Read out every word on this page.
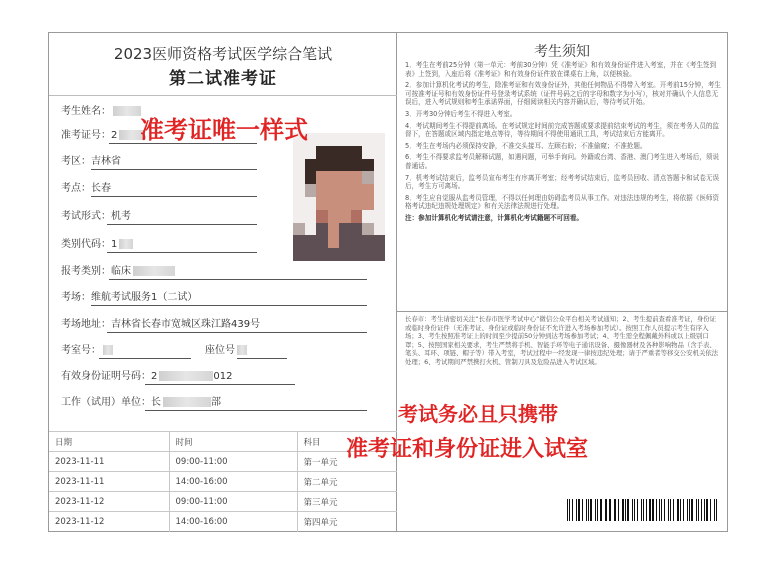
2023医师资格考试医学综合笔试
第二试准考证
考生姓名：
准考证号：2
考区：吉林省
考点：长春
考试形式：机考
类别代码：1
报考类别：临床
考场：维航考试服务1（二试）
考场地址：吉林省长春市宽城区珠江路439号
考室号：	座位号
有效身份证明号码：2	012
工作（试用）单位：长	部
日期	时间	科目
2023-11-11	09:00-11:00	第一单元
2023-11-11	14:00-16:00	第二单元
2023-11-12	09:00-11:00	第三单元
2023-11-12	14:00-16:00	第四单元
考生须知
1．考生在考前25分钟（第一单元：考前30分钟）凭《准考证》和有效身份证件进入考室，并在《考生签到表》上签到，入座后将《准考证》和有效身份证件放在课桌右上角，以便核验。
2．参加计算机化考试的考生，除准考证和有效身份证外，其他任何物品不得带入考室。开考前15分钟，考生可按准考证号和有效身份证件号登录考试系统（证件号码之后的字母和数字为小写），核对并确认个人信息无误后，进入考试规则和考生承诺界面，仔细阅读相关内容并确认后，等待考试开始。
3．开考30分钟后考生不得进入考室。
4．考试期间考生不得提前离场。在考试规定时间前完成答题或要求提前结束考试的考生，须在考务人员的监督下，在答题或区域内指定地点等待，等待期间不得使用通讯工具，考试结束后方能离开。
5．考生在考场内必须保持安静，不准交头接耳、左顾右盼；不准偷窥；不准抢题。
6．考生不得要求监考员解释试题，如遇问题，可举手询问。外籍或台湾、香港、澳门考生进入考场后，须说普通话。
7．机考考试结束后，监考员宣布考生有序离开考室；经考考试结束后，监考员回收、清点答题卡和试卷无误后，考生方可离场。
8．考生应自觉服从监考员管理，不得以任何理由妨碍监考员从事工作。对违法违规的考生，将依据《医师资格考试违纪违规处理规定》和有关法律法规进行处理。
注：参加计算机化考试请注意，计算机化考试籍题不可回看。
长春市：考生请密切关注“长春市医学考试中心”微信公众平台相关考试通知；2、考生提前查看准考证，身份证或临时身份证件（无准考证、身份证或临时身份证不允许进入考场参加考试）。按照工作人员提示考生有序入场；3、考生按照准考证上的时间至少提前50分钟到达考场参加考试；4、考生需全程佩戴外科或以上级别口罩；5、按照国家相关要求，考生严禁将手机、智能手环等电子通讯设备、摄像器材及各种影响物品（含手表、笔头、耳环、项链、帽子等）带入考室，考试过程中一经发现一律按违纪处理；请于严重者等移交公安机关依法处理；6、考试期间严禁携打火机、管制刀具及危险品进入考试区域。
准考证唯一样式
考试务必且只携带
准考证和身份证进入试室
